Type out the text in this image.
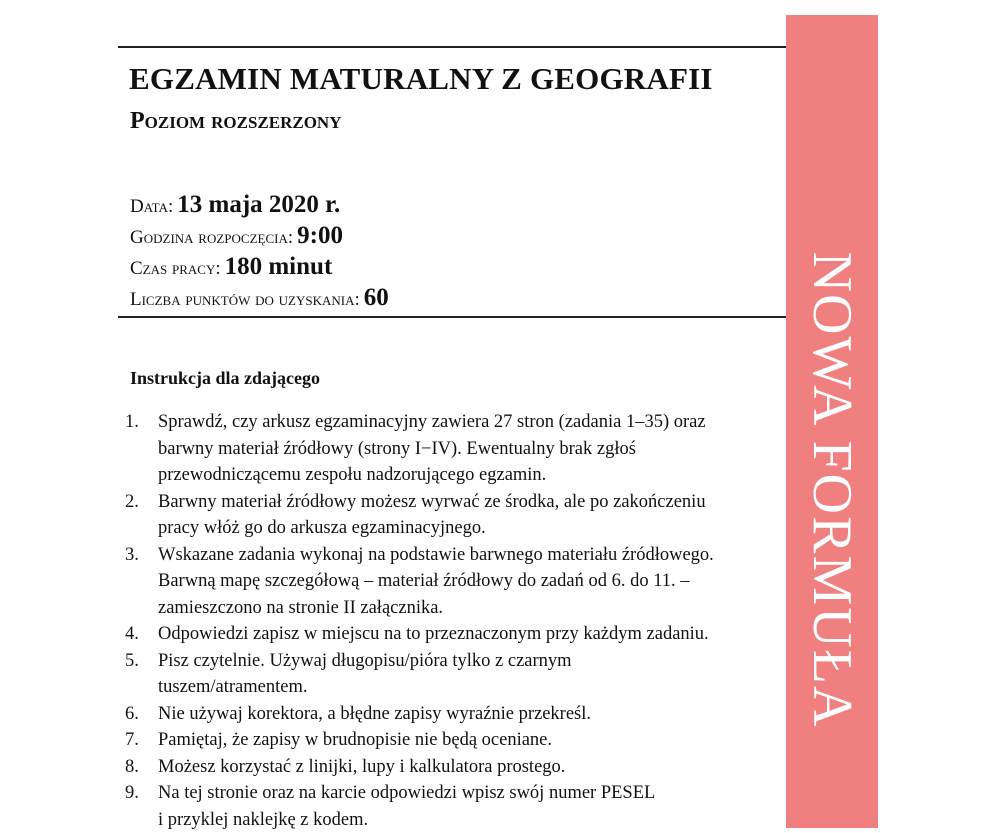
EGZAMIN MATURALNY Z GEOGRAFII
Poziom rozszerzony
Data: 13 maja 2020 r.
Godzina rozpoczęcia: 9:00
Czas pracy: 180 minut
Liczba punktów do uzyskania: 60
Instrukcja dla zdającego
1. Sprawdź, czy arkusz egzaminacyjny zawiera 27 stron (zadania 1–35) oraz
barwny materiał źródłowy (strony I−IV). Ewentualny brak zgłoś
przewodniczącemu zespołu nadzorującego egzamin.
2. Barwny materiał źródłowy możesz wyrwać ze środka, ale po zakończeniu
pracy włóż go do arkusza egzaminacyjnego.
3. Wskazane zadania wykonaj na podstawie barwnego materiału źródłowego.
Barwną mapę szczegółową – materiał źródłowy do zadań od 6. do 11. –
zamieszczono na stronie II załącznika.
4. Odpowiedzi zapisz w miejscu na to przeznaczonym przy każdym zadaniu.
5. Pisz czytelnie. Używaj długopisu/pióra tylko z czarnym
tuszem/atramentem.
6. Nie używaj korektora, a błędne zapisy wyraźnie przekreśl.
7. Pamiętaj, że zapisy w brudnopisie nie będą oceniane.
8. Możesz korzystać z linijki, lupy i kalkulatora prostego.
9. Na tej stronie oraz na karcie odpowiedzi wpisz swój numer PESEL
i przyklej naklejkę z kodem.
NOWA FORMUŁA
